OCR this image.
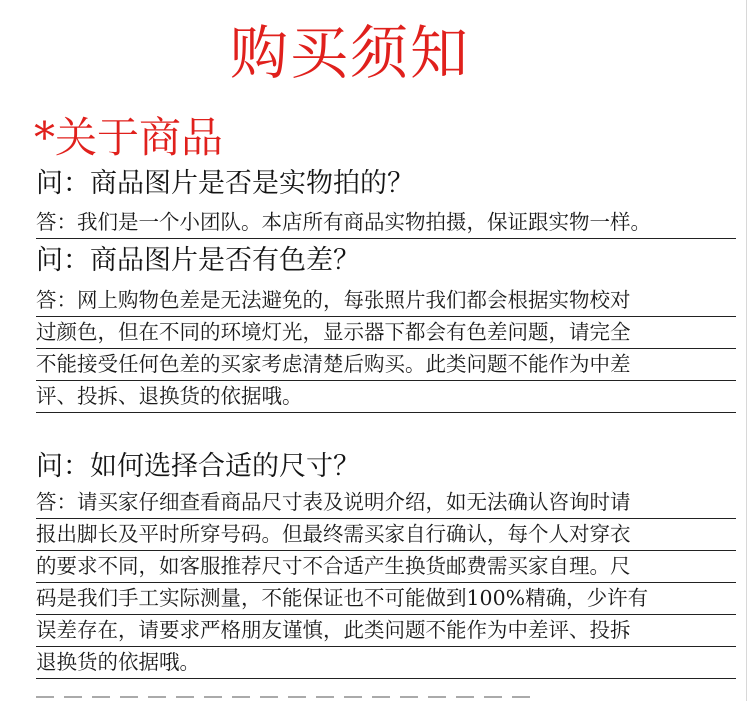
购买须知
*关于商品
问：商品图片是否是实物拍的？
答：我们是一个小团队。本店所有商品实物拍摄，保证跟实物一样。
问：商品图片是否有色差？
答：网上购物色差是无法避免的，每张照片我们都会根据实物校对
过颜色，但在不同的环境灯光，显示器下都会有色差问题，请完全
不能接受任何色差的买家考虑清楚后购买。此类问题不能作为中差
评、投拆、退换货的依据哦。
问：如何选择合适的尺寸？
答：请买家仔细查看商品尺寸表及说明介绍，如无法确认咨询时请
报出脚长及平时所穿号码。但最终需买家自行确认，每个人对穿衣
的要求不同，如客服推荐尺寸不合适产生换货邮费需买家自理。尺
码是我们手工实际测量，不能保证也不可能做到100%精确，少许有
误差存在，请要求严格朋友谨慎，此类问题不能作为中差评、投拆
退换货的依据哦。
